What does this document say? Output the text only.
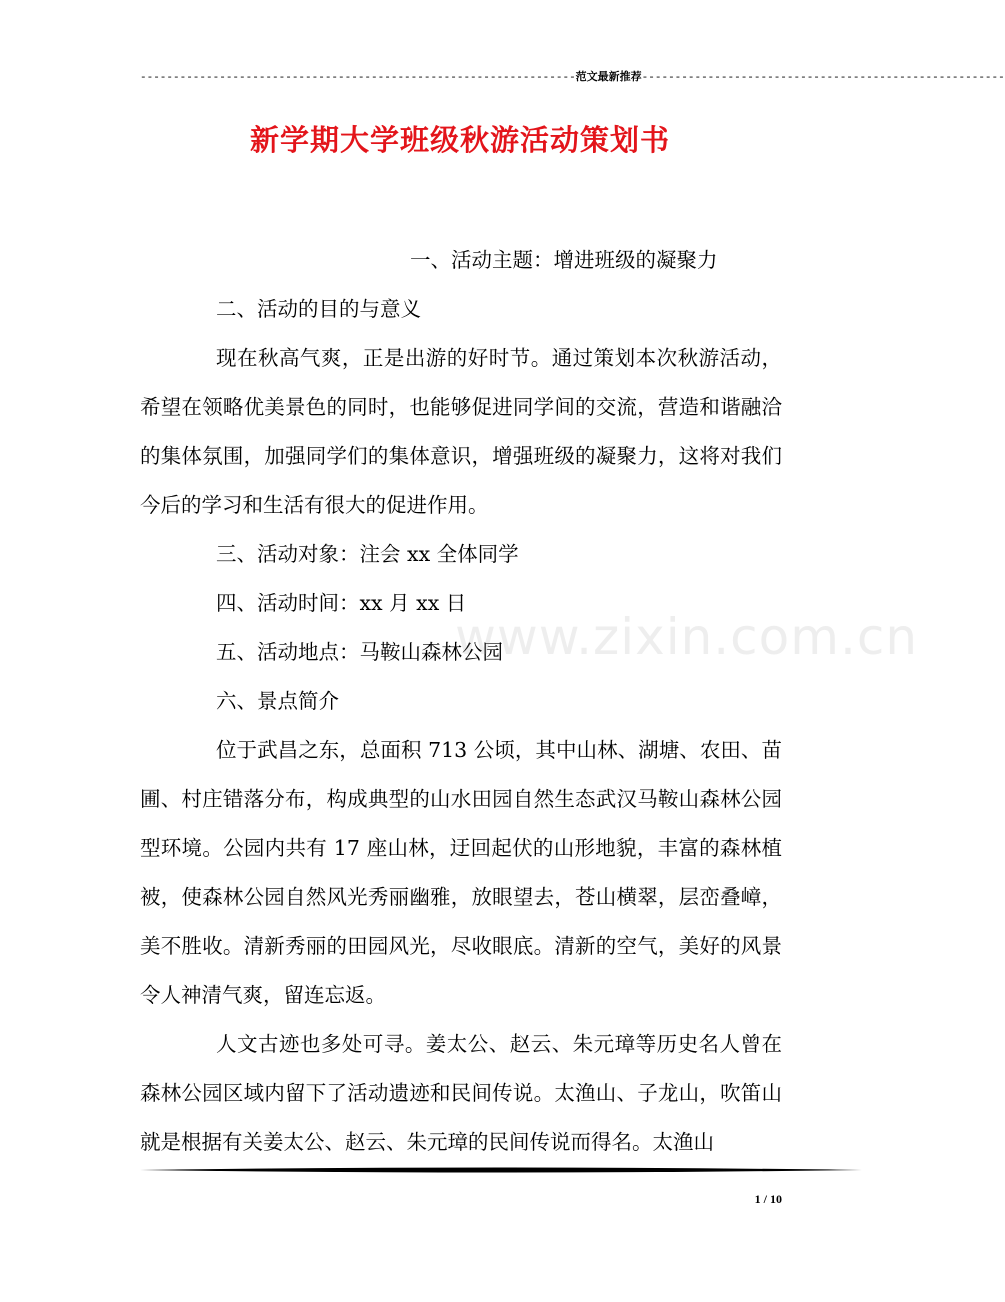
------------------------------------------------------------------范文最新推荐-------------------------------------------------------
新学期大学班级秋游活动策划书

一、活动主题：增进班级的凝聚力

二、活动的目的与意义

现在秋高气爽，正是出游的好时节。通过策划本次秋游活动，希望在领略优美景色的同时，也能够促进同学间的交流，营造和谐融洽的集体氛围，加强同学们的集体意识，增强班级的凝聚力，这将对我们今后的学习和生活有很大的促进作用。

三、活动对象：注会 xx 全体同学

四、活动时间：xx 月 xx 日

五、活动地点：马鞍山森林公园

六、景点简介

位于武昌之东，总面积 713 公顷，其中山林、湖塘、农田、苗圃、村庄错落分布，构成典型的山水田园自然生态武汉马鞍山森林公园型环境。公园内共有 17 座山林，迂回起伏的山形地貌，丰富的森林植被，使森林公园自然风光秀丽幽雅，放眼望去，苍山横翠，层峦叠嶂，美不胜收。清新秀丽的田园风光，尽收眼底。清新的空气，美好的风景令人神清气爽，留连忘返。

人文古迹也多处可寻。姜太公、赵云、朱元璋等历史名人曾在森林公园区域内留下了活动遗迹和民间传说。太渔山、子龙山，吹笛山就是根据有关姜太公、赵云、朱元璋的民间传说而得名。太渔山

www.zixin.com.cn
1 / 10
